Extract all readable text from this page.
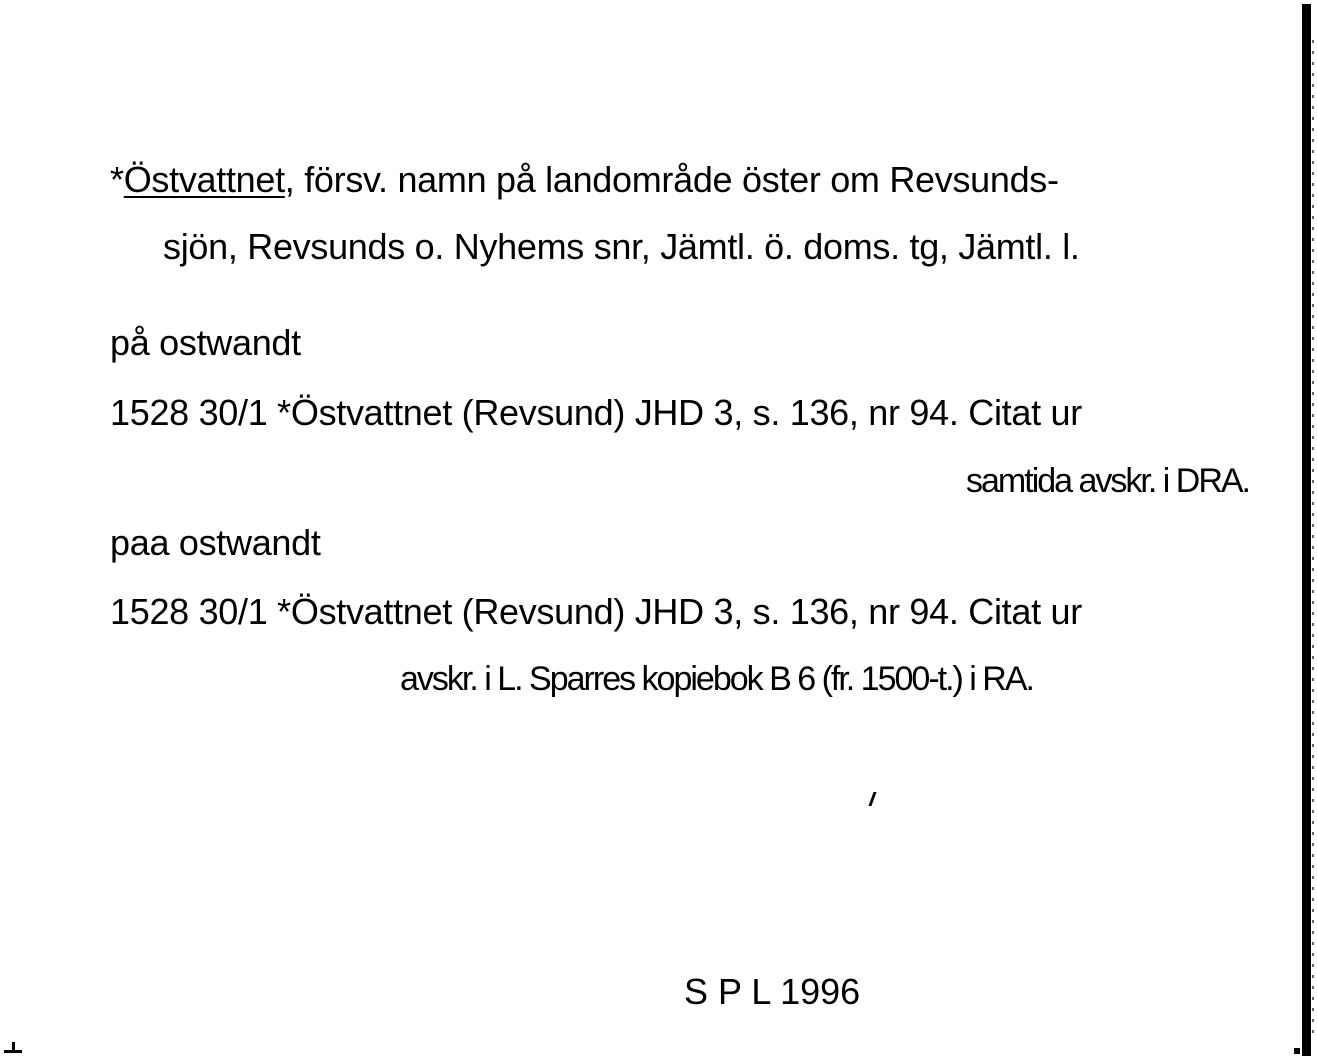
*Östvattnet, försv. namn på landområde öster om Revsunds-
sjön, Revsunds o. Nyhems snr, Jämtl. ö. doms. tg, Jämtl. l.
på ostwandt
1528 30/1 *Östvattnet (Revsund) JHD 3, s. 136, nr 94. Citat ur
samtida avskr. i DRA.
paa ostwandt
1528 30/1 *Östvattnet (Revsund) JHD 3, s. 136, nr 94. Citat ur
avskr. i L. Sparres kopiebok B 6 (fr. 1500-t.) i RA.
S P L 1996
